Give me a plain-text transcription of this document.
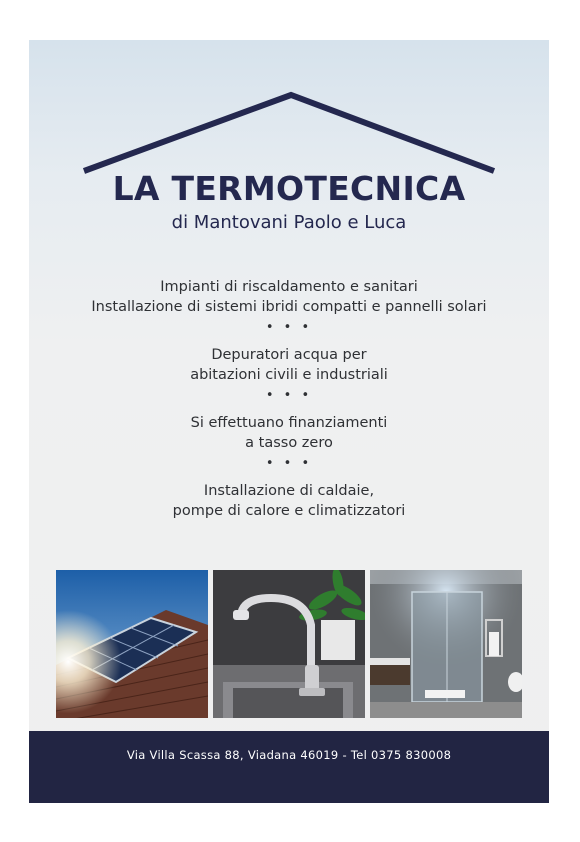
LA TERMOTECNICA
di Mantovani Paolo e Luca
Impianti di riscaldamento e sanitari
Installazione di sistemi ibridi compatti e pannelli solari
• • •
Depuratori acqua per
abitazioni civili e industriali
• • •
Si effettuano finanziamenti
a tasso zero
• • •
Installazione di caldaie,
pompe di calore e climatizzatori
Via Villa Scassa 88, Viadana 46019 - Tel 0375 830008
